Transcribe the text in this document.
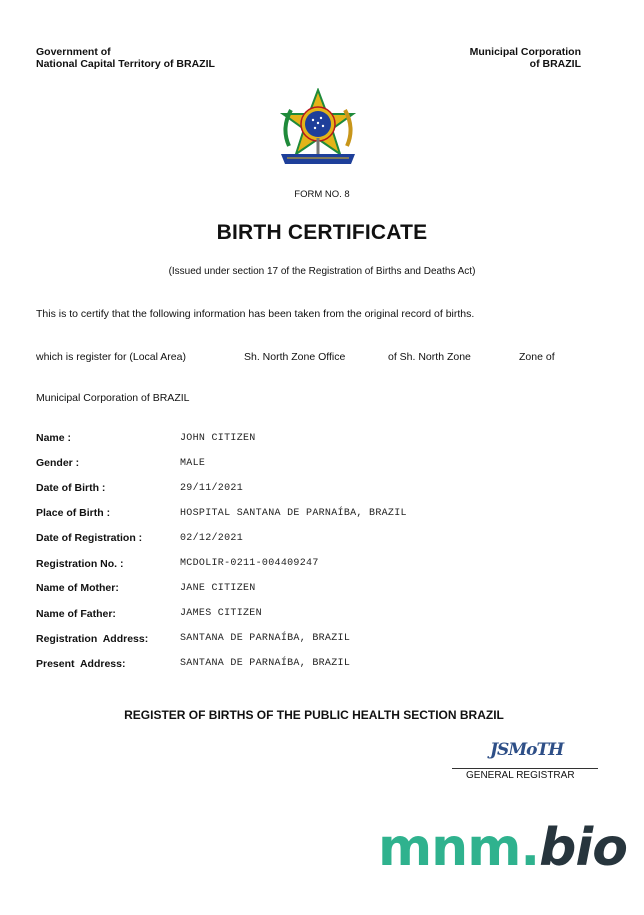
Government of
National Capital Territory of BRAZIL
Municipal Corporation
of BRAZIL
FORM NO. 8
BIRTH CERTIFICATE
(Issued under section 17 of the Registration of Births and Deaths Act)
This is to certify that the following information has been taken from the original record of births.
which is register for (Local Area)	Sh. North Zone Office	of Sh. North Zone	Zone of
Municipal Corporation of BRAZIL
Name :	JOHN CITIZEN
Gender :	MALE
Date of Birth :	29/11/2021
Place of Birth :	HOSPITAL SANTANA DE PARNAÍBA, BRAZIL
Date of Registration :	02/12/2021
Registration No. :	MCDOLIR-0211-004409247
Name of Mother:	JANE CITIZEN
Name of Father:	JAMES CITIZEN
Registration  Address:	SANTANA DE PARNAÍBA, BRAZIL
Present  Address:	SANTANA DE PARNAÍBA, BRAZIL
REGISTER OF BIRTHS OF THE PUBLIC HEALTH SECTION BRAZIL
JSMoTH
GENERAL REGISTRAR
mnm.bio
